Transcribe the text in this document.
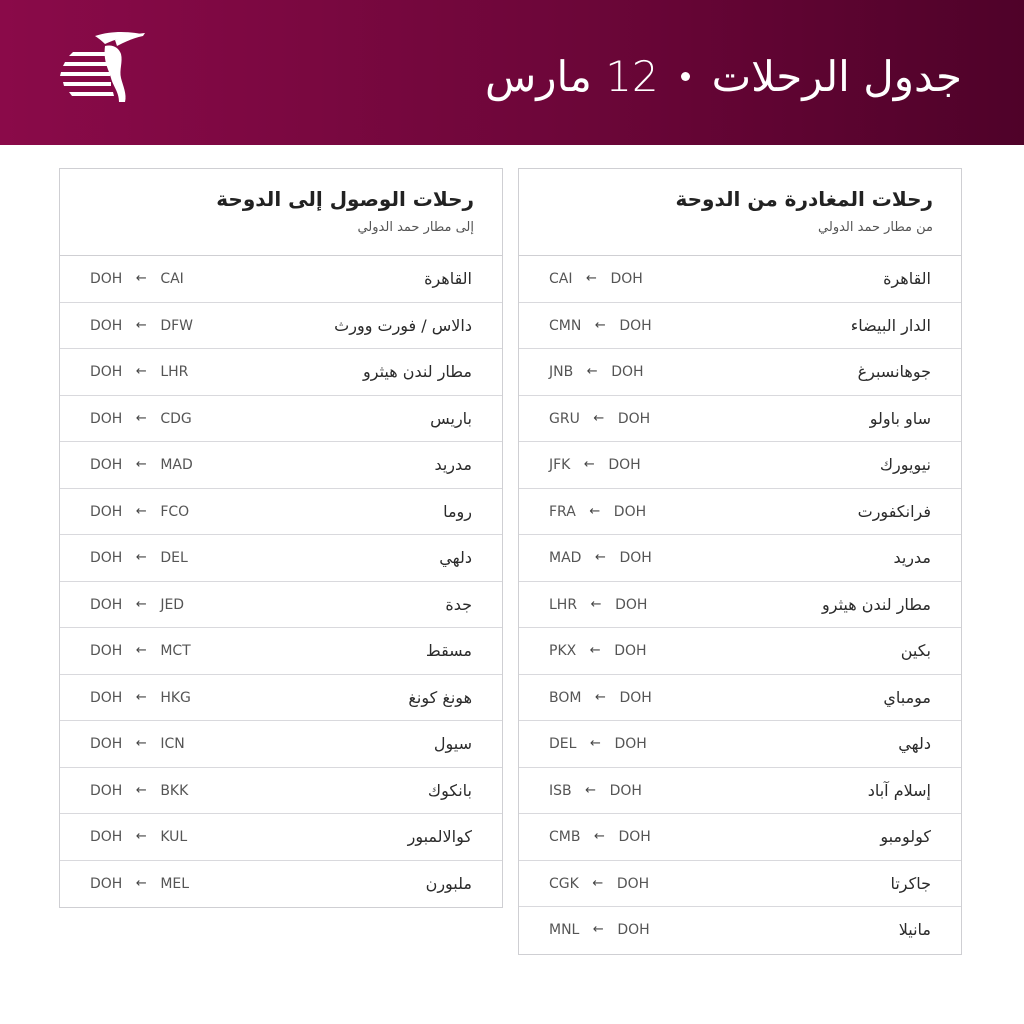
جدول الرحلات
12 مارس
رحلات المغادرة من الدوحة
من مطار حمد الدولي
القاهرة
CAI	← DOH
الدار البيضاء
CMN	← DOH
جوهانسبرغ
JNB	← DOH
ساو باولو
GRU	← DOH
نيويورك
JFK	← DOH
فرانكفورت
FRA	← DOH
مدريد
MAD	← DOH
مطار لندن هيثرو
LHR	← DOH
بكين
PKX	← DOH
مومباي
BOM	← DOH
دلهي
DEL	← DOH
إسلام آباد
ISB	← DOH
كولومبو
CMB	← DOH
جاكرتا
CGK	← DOH
مانيلا
MNL	← DOH
رحلات الوصول إلى الدوحة
إلى مطار حمد الدولي
القاهرة
DOH	← CAI
دالاس / فورت وورث
DOH	← DFW
مطار لندن هيثرو
DOH	← LHR
باريس
DOH	← CDG
مدريد
DOH	← MAD
روما
DOH	← FCO
دلهي
DOH	← DEL
جدة
DOH	← JED
مسقط
DOH	← MCT
هونغ كونغ
DOH	← HKG
سيول
DOH	← ICN
بانكوك
DOH	← BKK
كوالالمبور
DOH	← KUL
ملبورن
DOH	← MEL
